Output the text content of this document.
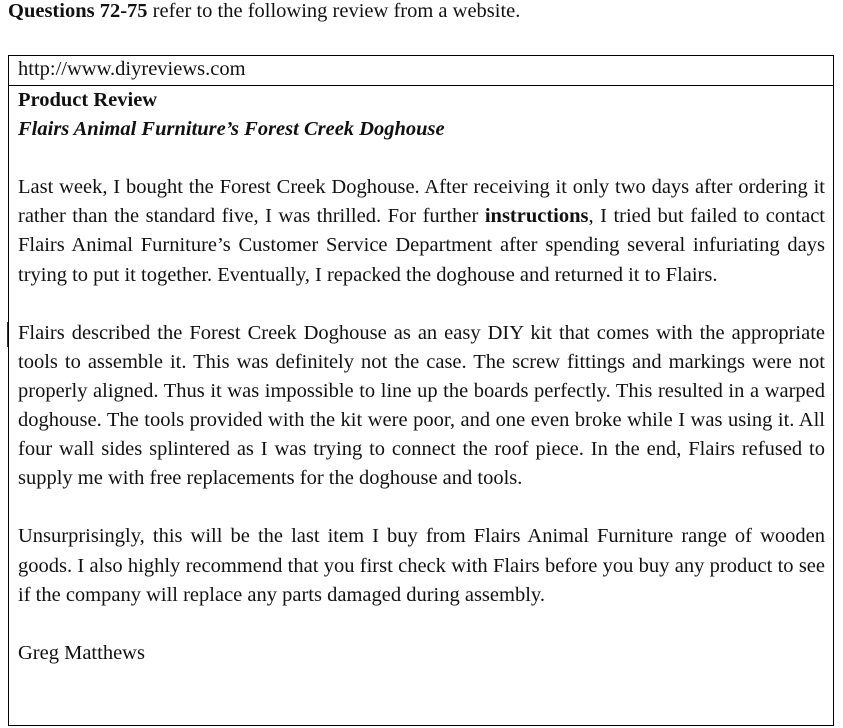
Questions 72-75 refer to the following review from a website.
http://www.diyreviews.com

Product Review

Flairs Animal Furniture’s Forest Creek Doghouse

Last week, I bought the Forest Creek Doghouse. After receiving it only two days after ordering it rather than the standard five, I was thrilled. For further instructions, I tried but failed to contact Flairs Animal Furniture’s Customer Service Department after spending several infuriating days trying to put it together. Eventually, I repacked the doghouse and returned it to Flairs.

Flairs described the Forest Creek Doghouse as an easy DIY kit that comes with the appropriate tools to assemble it. This was definitely not the case. The screw fittings and markings were not properly aligned. Thus it was impossible to line up the boards perfectly. This resulted in a warped doghouse. The tools provided with the kit were poor, and one even broke while I was using it. All four wall sides splintered as I was trying to connect the roof piece. In the end, Flairs refused to supply me with free replacements for the doghouse and tools.

Unsurprisingly, this will be the last item I buy from Flairs Animal Furniture range of wooden goods. I also highly recommend that you first check with Flairs before you buy any product to see if the company will replace any parts damaged during assembly.

Greg Matthews
